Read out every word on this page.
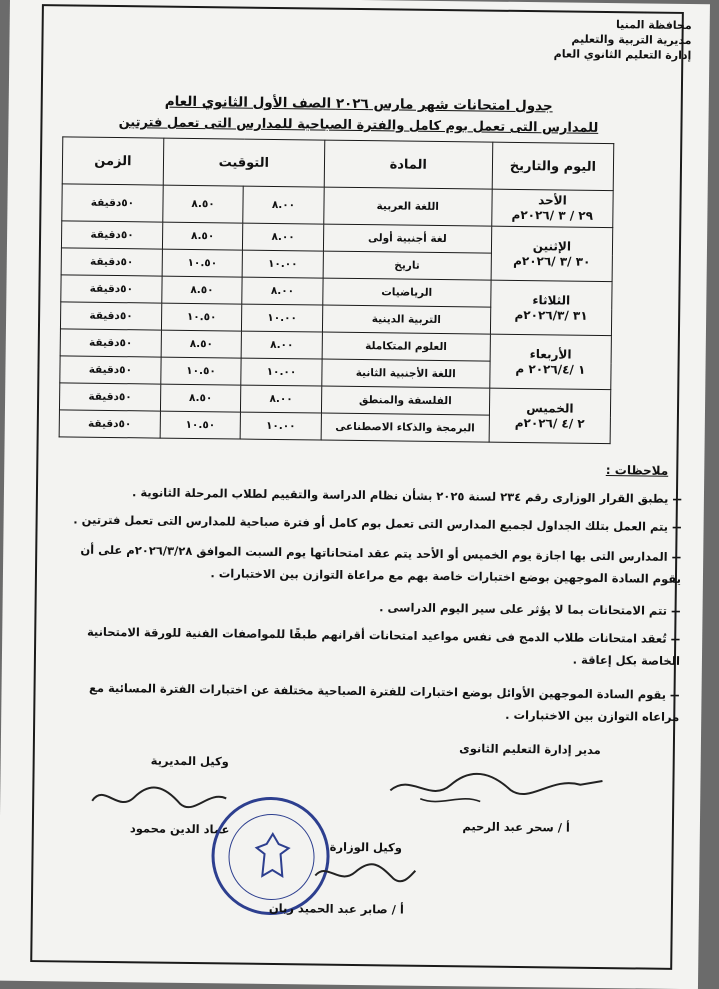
محافظة المنيا
مديرية التربية والتعليم
إدارة التعليم الثانوي العام
جدول امتحانات شهر مارس ٢٠٢٦ الصف الأول الثانوي العام
للمدارس التى تعمل بوم كامل والفترة الصباحية للمدارس التى تعمل فترتين
اليوم والتاريخ	المادة	التوقيت		الزمن

الأحد
٢٩ / ٣ /٢٠٢٦م	اللغة العربية	٨.٠٠	٨.٥٠	٥٠دقيقة

الإثنين
٣٠ /٣ /٢٠٢٦م	لغة أجنبية أولى	٨.٠٠	٨.٥٠	٥٠دقيقة
	تاريخ	١٠.٠٠	١٠.٥٠	٥٠دقيقة

الثلاثاء
٣١ /٢٠٢٦/٣م	الرياضيات	٨.٠٠	٨.٥٠	٥٠دقيقة
	التربية الدينية	١٠.٠٠	١٠.٥٠	٥٠دقيقة

الأربعاء
١ /٢٠٢٦/٤ م	العلوم المتكاملة	٨.٠٠	٨.٥٠	٥٠دقيقة
	اللغة الأجنبية الثانية	١٠.٠٠	١٠.٥٠	٥٠دقيقة

الخميس
٢ /٤ /٢٠٢٦م	الفلسفة والمنطق	٨.٠٠	٨.٥٠	٥٠دقيقة
	البرمجة والذكاء الاصطناعى	١٠.٠٠	١٠.٥٠	٥٠دقيقة
ملاحظات :
-- يطبق القرار الوزارى رقم ٢٣٤ لسنة ٢٠٢٥ بشأن نظام الدراسة والتقييم لطلاب المرحلة الثانوية .
-- يتم العمل بتلك الجداول لجميع المدارس التى تعمل بوم كامل أو فترة صباحية للمدارس التى تعمل فترتين .
-- المدارس التى بها اجازة يوم الخميس أو الأحد يتم عقد امتحاناتها يوم السبت الموافق ٢٠٢٦/٣/٢٨م على أن يقوم السادة الموجهين بوضع اختبارات خاصة بهم مع مراعاة التوازن بين الاختبارات .
-- تتم الامتحانات بما لا يؤثر على سير اليوم الدراسى .
-- تُعقد امتحانات طلاب الدمج فى نفس مواعيد امتحانات أقرانهم طبقًا للمواصفات الفنية للورقة الامتحانية الخاصة بكل إعاقة .
-- يقوم السادة الموجهين الأوائل بوضع اختبارات للفترة الصباحية مختلفة عن اختبارات الفترة المسائية مع مراعاه التوازن بين الاختبارات .
مدير إدارة التعليم الثانوى
أ / سحر عبد الرحيم
وكيل المديرية
عماد الدين محمود
وكيل الوزارة
أ / صابر عبد الحميد ريان
